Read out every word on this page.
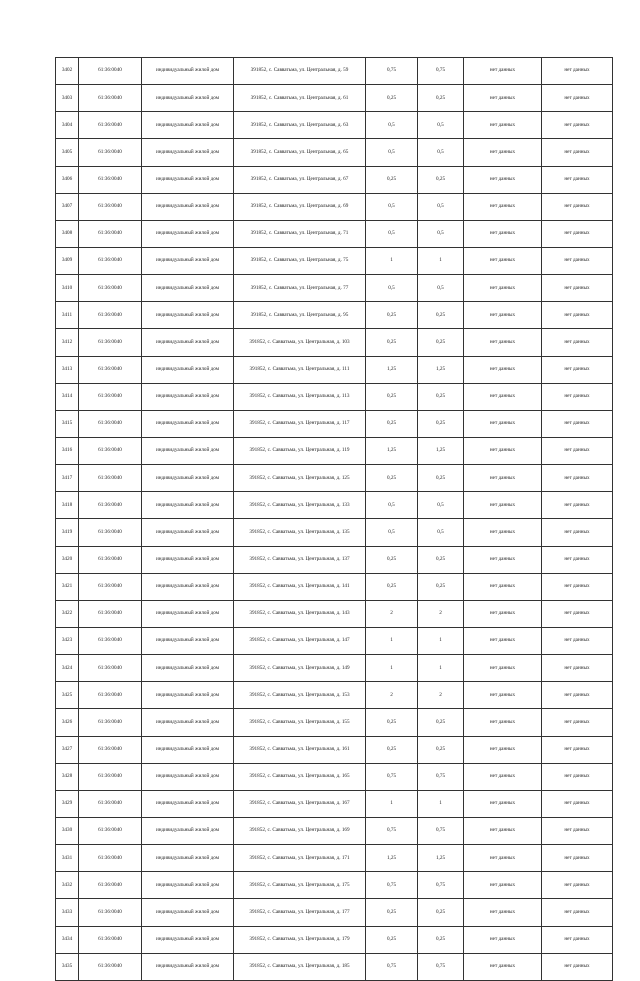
3402	61:36:0040	индивидуальный жилой дом	391852, с. Савватьма, ул. Центральная, д. 59	0,75	0,75	нет данных	нет данных
3403	61:36:0040	индивидуальный жилой дом	391852, с. Савватьма, ул. Центральная, д. 61	0,25	0,25	нет данных	нет данных
3404	61:36:0040	индивидуальный жилой дом	391852, с. Савватьма, ул. Центральная, д. 63	0,5	0,5	нет данных	нет данных
3405	61:36:0040	индивидуальный жилой дом	391852, с. Савватьма, ул. Центральная, д. 65	0,5	0,5	нет данных	нет данных
3406	61:36:0040	индивидуальный жилой дом	391852, с. Савватьма, ул. Центральная, д. 67	0,25	0,25	нет данных	нет данных
3407	61:36:0040	индивидуальный жилой дом	391852, с. Савватьма, ул. Центральная, д. 69	0,5	0,5	нет данных	нет данных
3408	61:36:0040	индивидуальный жилой дом	391852, с. Савватьма, ул. Центральная, д. 71	0,5	0,5	нет данных	нет данных
3409	61:36:0040	индивидуальный жилой дом	391852, с. Савватьма, ул. Центральная, д. 75	1	1	нет данных	нет данных
3410	61:36:0040	индивидуальный жилой дом	391852, с. Савватьма, ул. Центральная, д. 77	0,5	0,5	нет данных	нет данных
3411	61:36:0040	индивидуальный жилой дом	391852, с. Савватьма, ул. Центральная, д. 95	0,25	0,25	нет данных	нет данных
3412	61:36:0040	индивидуальный жилой дом	391852, с. Савватьма, ул. Центральная, д. 103	0,25	0,25	нет данных	нет данных
3413	61:36:0040	индивидуальный жилой дом	391852, с. Савватьма, ул. Центральная, д. 111	1,25	1,25	нет данных	нет данных
3414	61:36:0040	индивидуальный жилой дом	391852, с. Савватьма, ул. Центральная, д. 113	0,25	0,25	нет данных	нет данных
3415	61:36:0040	индивидуальный жилой дом	391852, с. Савватьма, ул. Центральная, д. 117	0,25	0,25	нет данных	нет данных
3416	61:36:0040	индивидуальный жилой дом	391852, с. Савватьма, ул. Центральная, д. 119	1,25	1,25	нет данных	нет данных
3417	61:36:0040	индивидуальный жилой дом	391852, с. Савватьма, ул. Центральная, д. 125	0,25	0,25	нет данных	нет данных
3418	61:36:0040	индивидуальный жилой дом	391852, с. Савватьма, ул. Центральная, д. 133	0,5	0,5	нет данных	нет данных
3419	61:36:0040	индивидуальный жилой дом	391852, с. Савватьма, ул. Центральная, д. 135	0,5	0,5	нет данных	нет данных
3420	61:36:0040	индивидуальный жилой дом	391852, с. Савватьма, ул. Центральная, д. 137	0,25	0,25	нет данных	нет данных
3421	61:36:0040	индивидуальный жилой дом	391852, с. Савватьма, ул. Центральная, д. 141	0,25	0,25	нет данных	нет данных
3422	61:36:0040	индивидуальный жилой дом	391852, с. Савватьма, ул. Центральная, д. 143	2	2	нет данных	нет данных
3423	61:36:0040	индивидуальный жилой дом	391852, с. Савватьма, ул. Центральная, д. 147	1	1	нет данных	нет данных
3424	61:36:0040	индивидуальный жилой дом	391852, с. Савватьма, ул. Центральная, д. 149	1	1	нет данных	нет данных
3425	61:36:0040	индивидуальный жилой дом	391852, с. Савватьма, ул. Центральная, д. 153	2	2	нет данных	нет данных
3426	61:36:0040	индивидуальный жилой дом	391852, с. Савватьма, ул. Центральная, д. 155	0,25	0,25	нет данных	нет данных
3427	61:36:0040	индивидуальный жилой дом	391852, с. Савватьма, ул. Центральная, д. 161	0,25	0,25	нет данных	нет данных
3428	61:36:0040	индивидуальный жилой дом	391852, с. Савватьма, ул. Центральная, д. 165	0,75	0,75	нет данных	нет данных
3429	61:36:0040	индивидуальный жилой дом	391852, с. Савватьма, ул. Центральная, д. 167	1	1	нет данных	нет данных
3430	61:36:0040	индивидуальный жилой дом	391852, с. Савватьма, ул. Центральная, д. 169	0,75	0,75	нет данных	нет данных
3431	61:36:0040	индивидуальный жилой дом	391852, с. Савватьма, ул. Центральная, д. 171	1,25	1,25	нет данных	нет данных
3432	61:36:0040	индивидуальный жилой дом	391852, с. Савватьма, ул. Центральная, д. 175	0,75	0,75	нет данных	нет данных
3433	61:36:0040	индивидуальный жилой дом	391852, с. Савватьма, ул. Центральная, д. 177	0,25	0,25	нет данных	нет данных
3434	61:36:0040	индивидуальный жилой дом	391852, с. Савватьма, ул. Центральная, д. 179	0,25	0,25	нет данных	нет данных
3435	61:36:0040	индивидуальный жилой дом	391852, с. Савватьма, ул. Центральная, д. 185	0,75	0,75	нет данных	нет данных
